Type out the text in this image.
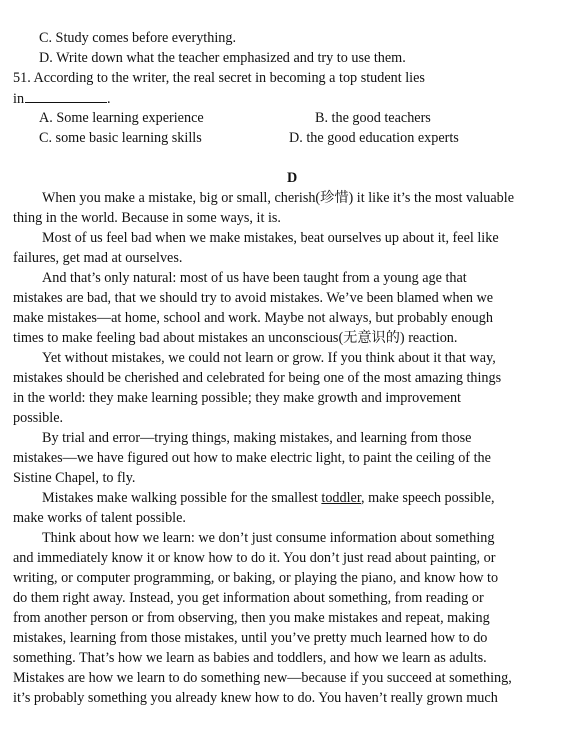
C. Study comes before everything.
D. Write down what the teacher emphasized and try to use them.
51. According to the writer, the real secret in becoming a top student lies
in	.
A. Some learning experience	B. the good teachers
C. some basic learning skills	D. the good education experts
D
When you make a mistake, big or small, cherish(珍惜) it like it’s the most valuable
thing in the world. Because in some ways, it is.
Most of us feel bad when we make mistakes, beat ourselves up about it, feel like
failures, get mad at ourselves.
And that’s only natural: most of us have been taught from a young age that
mistakes are bad, that we should try to avoid mistakes. We’ve been blamed when we
make mistakes—at home, school and work. Maybe not always, but probably enough
times to make feeling bad about mistakes an unconscious(无意识的) reaction.
Yet without mistakes, we could not learn or grow. If you think about it that way,
mistakes should be cherished and celebrated for being one of the most amazing things
in the world: they make learning possible; they make growth and improvement
possible.
By trial and error—trying things, making mistakes, and learning from those
mistakes—we have figured out how to make electric light, to paint the ceiling of the
Sistine Chapel, to fly.
Mistakes make walking possible for the smallest toddler, make speech possible,
make works of talent possible.
Think about how we learn: we don’t just consume information about something
and immediately know it or know how to do it. You don’t just read about painting, or
writing, or computer programming, or baking, or playing the piano, and know how to
do them right away. Instead, you get information about something, from reading or
from another person or from observing, then you make mistakes and repeat, making
mistakes, learning from those mistakes, until you’ve pretty much learned how to do
something. That’s how we learn as babies and toddlers, and how we learn as adults.
Mistakes are how we learn to do something new—because if you succeed at something,
it’s probably something you already knew how to do. You haven’t really grown much
